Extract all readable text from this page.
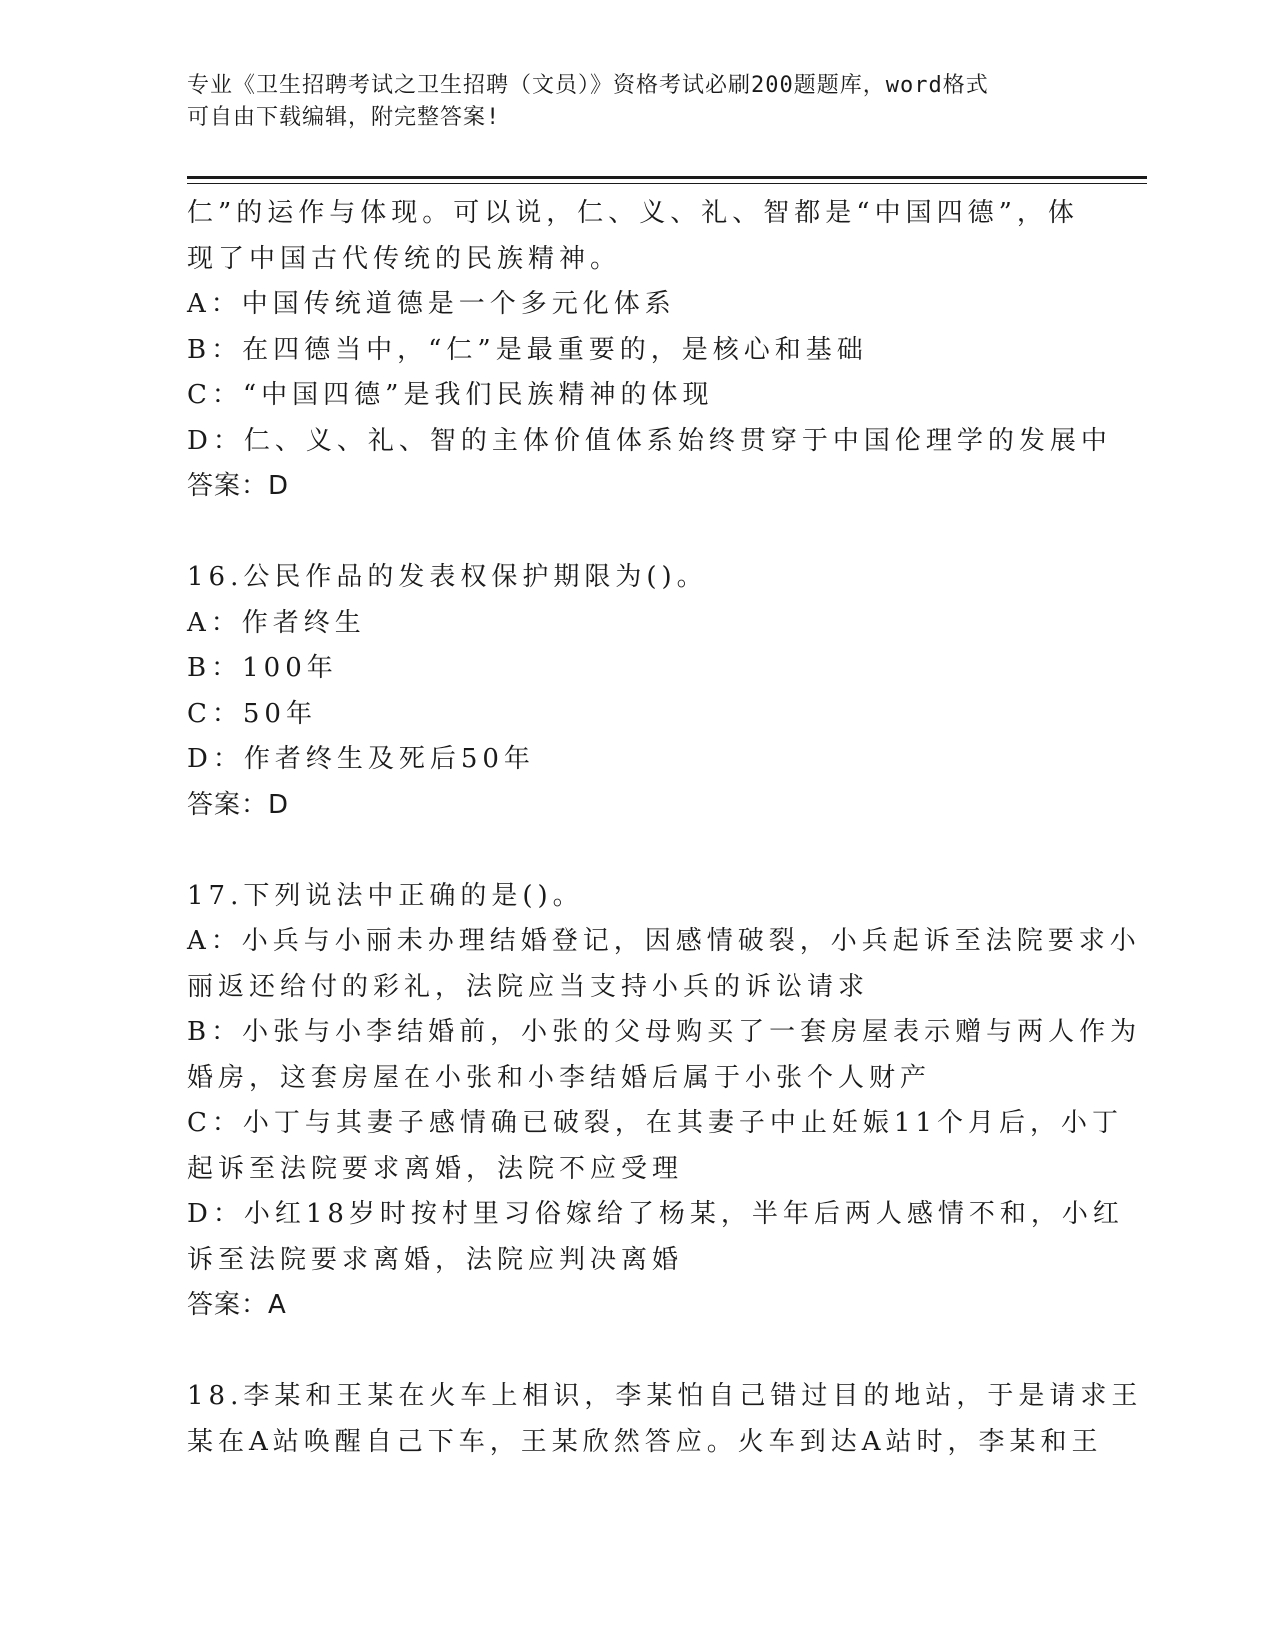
专业《卫生招聘考试之卫生招聘（文员）》资格考试必刷200题题库，word格式
可自由下载编辑，附完整答案!
仁”的运作与体现。可以说，仁、义、礼、智都是“中国四德”，体
现了中国古代传统的民族精神。
A：中国传统道德是一个多元化体系
B：在四德当中，“仁”是最重要的，是核心和基础
C：“中国四德”是我们民族精神的体现
D：仁、义、礼、智的主体价值体系始终贯穿于中国伦理学的发展中
答案：D
16.公民作品的发表权保护期限为()。
A：作者终生
B：100年
C：50年
D：作者终生及死后50年
答案：D
17.下列说法中正确的是()。
A：小兵与小丽未办理结婚登记，因感情破裂，小兵起诉至法院要求小
丽返还给付的彩礼，法院应当支持小兵的诉讼请求
B：小张与小李结婚前，小张的父母购买了一套房屋表示赠与两人作为
婚房，这套房屋在小张和小李结婚后属于小张个人财产
C：小丁与其妻子感情确已破裂，在其妻子中止妊娠11个月后，小丁
起诉至法院要求离婚，法院不应受理
D：小红18岁时按村里习俗嫁给了杨某，半年后两人感情不和，小红
诉至法院要求离婚，法院应判决离婚
答案：A
18.李某和王某在火车上相识，李某怕自己错过目的地站，于是请求王
某在A站唤醒自己下车，王某欣然答应。火车到达A站时，李某和王
